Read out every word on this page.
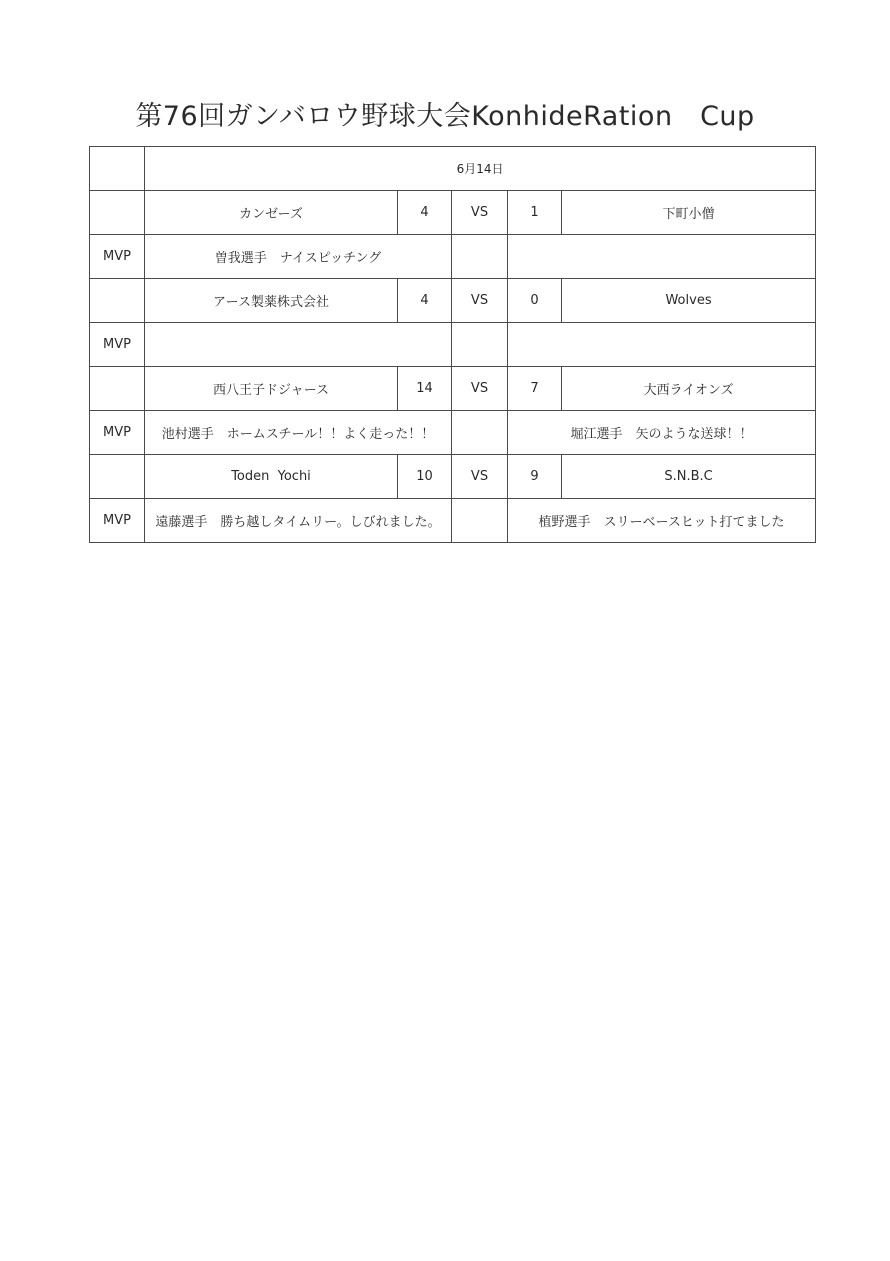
第76回ガンバロウ野球大会KonhideRation　Cup
	6月14日				
	カンゼーズ	4	VS	1	下町小僧
MVP	曽我選手　ナイスピッチング				
	アース製薬株式会社	4	VS	0	Wolves
MVP					
	西八王子ドジャース	14	VS	7	大西ライオンズ
MVP	池村選手　ホームスチール！！よく走った！！			堀江選手　矢のような送球！！	
	Toden  Yochi	10	VS	9	S.N.B.C
MVP	遠藤選手　勝ち越しタイムリー。しびれました。			植野選手　スリーベースヒット打てました	
